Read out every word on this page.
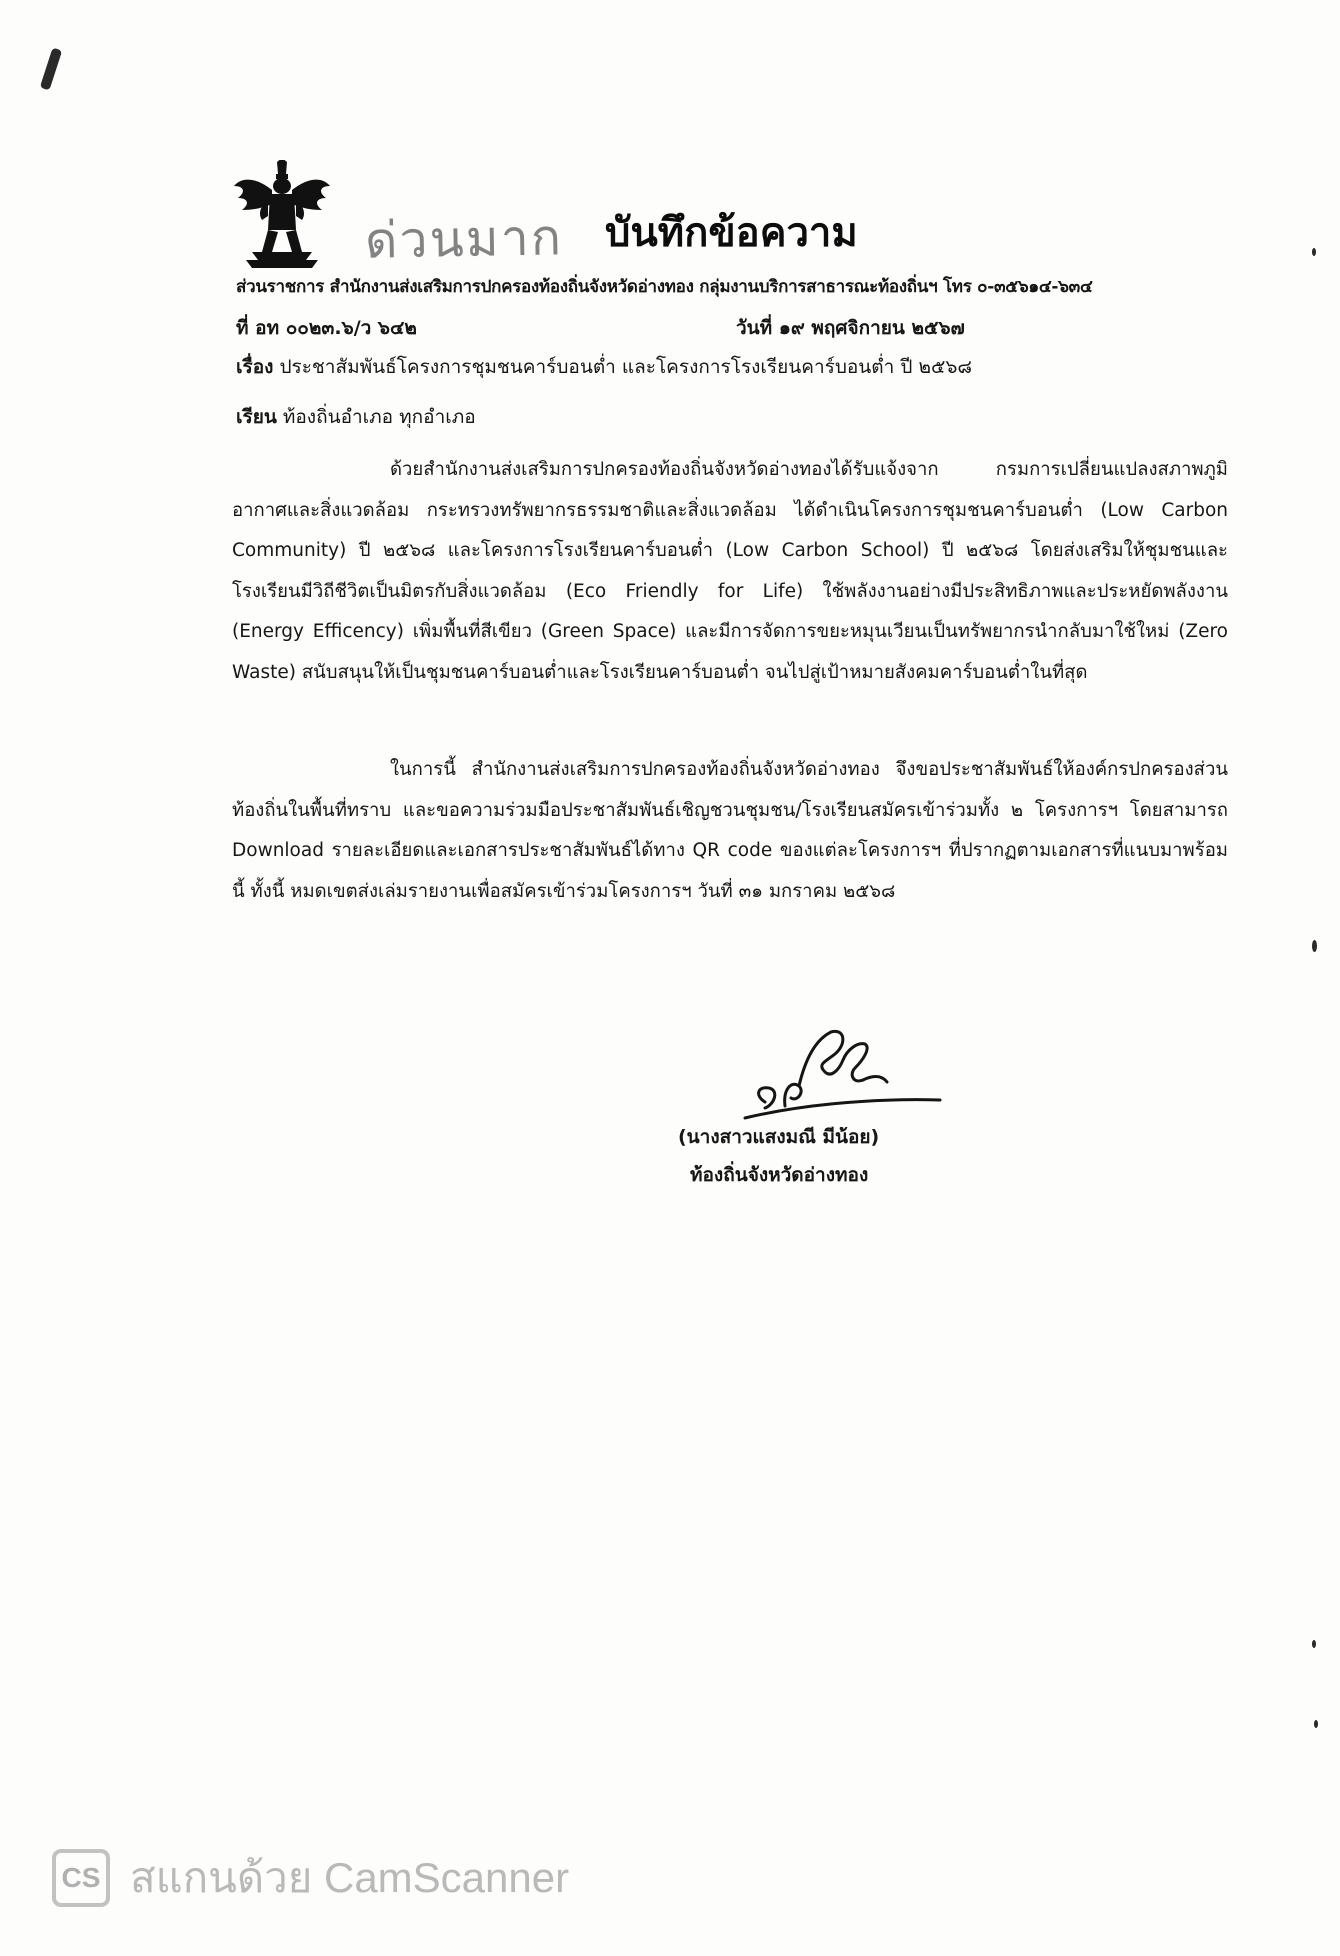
ด่วนมาก บันทึกข้อความ
ส่วนราชการ สำนักงานส่งเสริมการปกครองท้องถิ่นจังหวัดอ่างทอง กลุ่มงานบริการสาธารณะท้องถิ่นฯ โทร ๐-๓๕๖๑๔-๖๓๔
ที่ อท ๐๐๒๓.๖/ว ๖๔๒	วันที่ ๑๙ พฤศจิกายน ๒๕๖๗
เรื่อง ประชาสัมพันธ์โครงการชุมชนคาร์บอนต่ำ และโครงการโรงเรียนคาร์บอนต่ำ ปี ๒๕๖๘
เรียน ท้องถิ่นอำเภอ ทุกอำเภอ
ด้วยสำนักงานส่งเสริมการปกครองท้องถิ่นจังหวัดอ่างทองได้รับแจ้งจาก กรมการเปลี่ยนแปลงสภาพภูมิอากาศและสิ่งแวดล้อม กระทรวงทรัพยากรธรรมชาติและสิ่งแวดล้อม ได้ดำเนินโครงการชุมชนคาร์บอนต่ำ (Low Carbon Community) ปี ๒๕๖๘ และโครงการโรงเรียนคาร์บอนต่ำ (Low Carbon School) ปี ๒๕๖๘ โดยส่งเสริมให้ชุมชนและโรงเรียนมีวิถีชีวิตเป็นมิตรกับสิ่งแวดล้อม (Eco Friendly for Life) ใช้พลังงานอย่างมีประสิทธิภาพและประหยัดพลังงาน (Energy Efficency) เพิ่มพื้นที่สีเขียว (Green Space) และมีการจัดการขยะหมุนเวียนเป็นทรัพยากรนำกลับมาใช้ใหม่ (Zero Waste) สนับสนุนให้เป็นชุมชนคาร์บอนต่ำและโรงเรียนคาร์บอนต่ำ จนไปสู่เป้าหมายสังคมคาร์บอนต่ำในที่สุด
ในการนี้ สำนักงานส่งเสริมการปกครองท้องถิ่นจังหวัดอ่างทอง จึงขอประชาสัมพันธ์ให้องค์กรปกครองส่วนท้องถิ่นในพื้นที่ทราบ และขอความร่วมมือประชาสัมพันธ์เชิญชวนชุมชน/โรงเรียนสมัครเข้าร่วมทั้ง ๒ โครงการฯ โดยสามารถ Download รายละเอียดและเอกสารประชาสัมพันธ์ได้ทาง QR code ของแต่ละโครงการฯ ที่ปรากฏตามเอกสารที่แนบมาพร้อมนี้ ทั้งนี้ หมดเขตส่งเล่มรายงานเพื่อสมัครเข้าร่วมโครงการฯ วันที่ ๓๑ มกราคม ๒๕๖๘
(นางสาวแสงมณี มีน้อย)
ท้องถิ่นจังหวัดอ่างทอง
CS สแกนด้วย CamScanner
